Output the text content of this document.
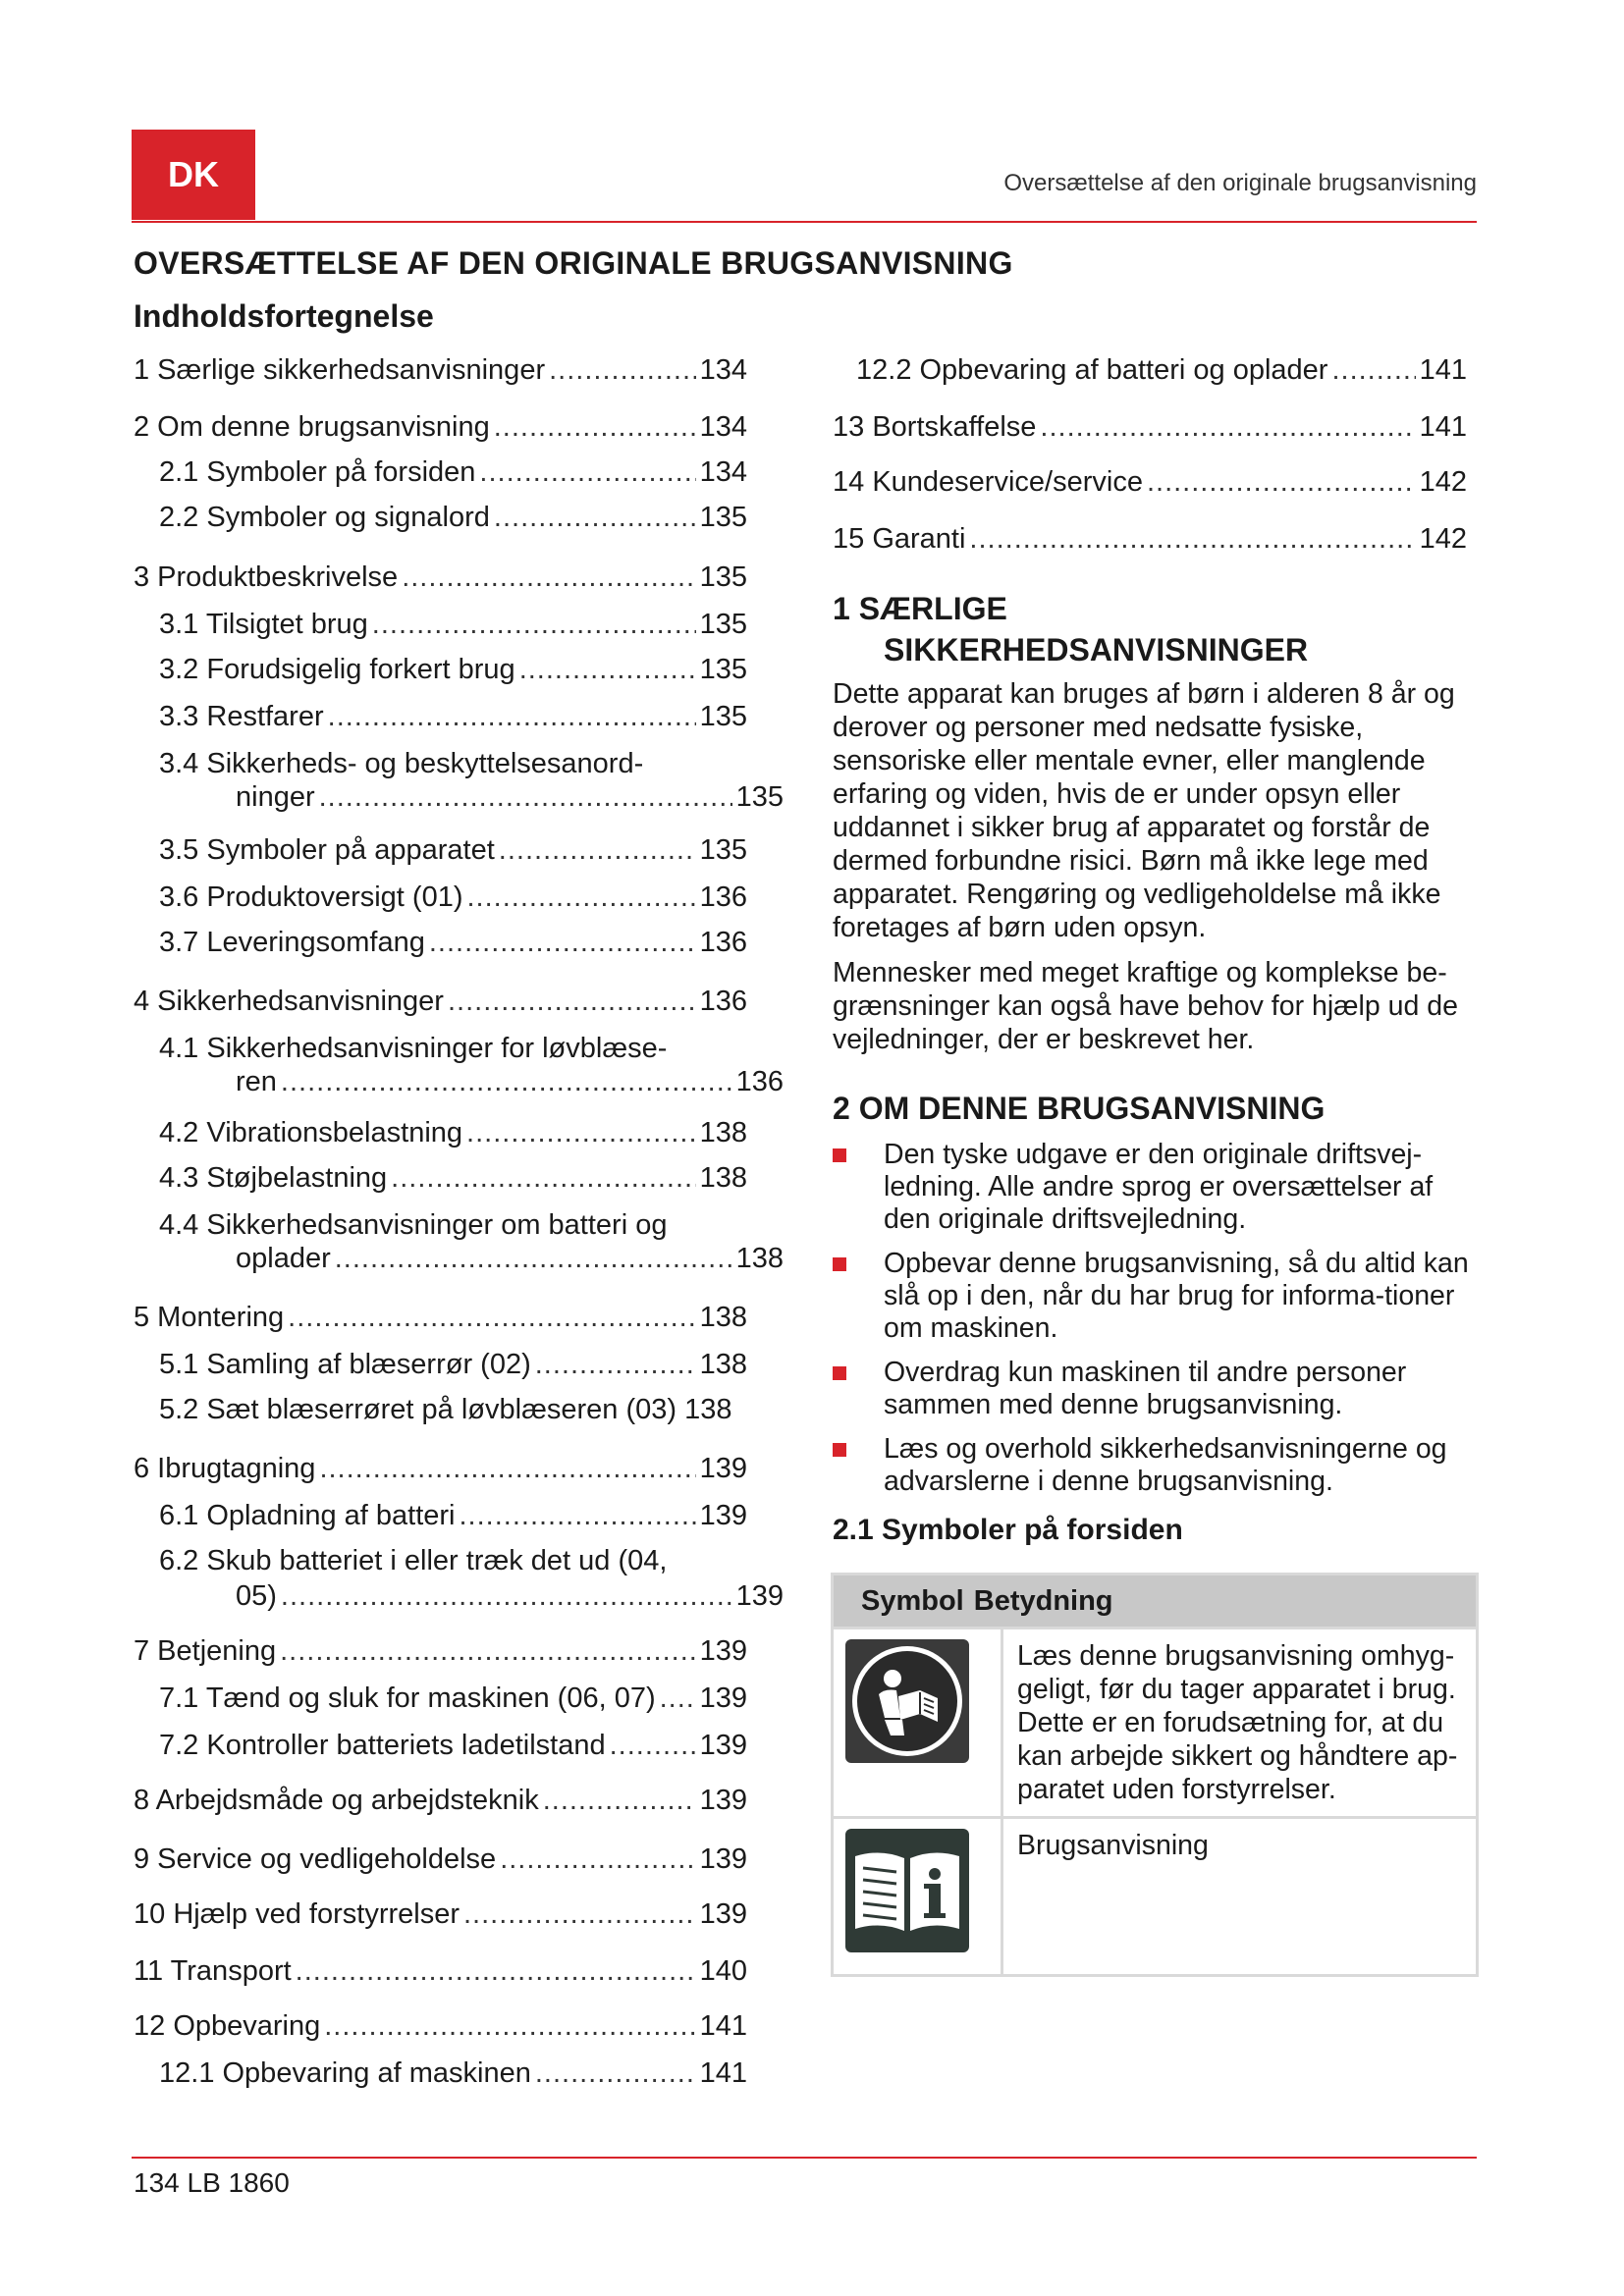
DK	Oversættelse af den originale brugsanvisning
OVERSÆTTELSE AF DEN ORIGINALE BRUGSANVISNING
Indholdsfortegnelse
1 Særlige sikkerhedsanvisninger .....	134
2 Om denne brugsanvisning .....	134
2.1 Symboler på forsiden .....	134
2.2 Symboler og signalord .....	135
3 Produktbeskrivelse .....	135
3.1 Tilsigtet brug .....	135
3.2 Forudsigelig forkert brug .....	135
3.3 Restfarer .....	135
3.4 Sikkerheds- og beskyttelsesanord-
ninger .....	135
3.5 Symboler på apparatet .....	135
3.6 Produktoversigt (01) .....	136
3.7 Leveringsomfang .....	136
4 Sikkerhedsanvisninger .....	136
4.1 Sikkerhedsanvisninger for løvblæse-
ren .....	136
4.2 Vibrationsbelastning .....	138
4.3 Støjbelastning .....	138
4.4 Sikkerhedsanvisninger om batteri og
oplader .....	138
5 Montering .....	138
5.1 Samling af blæserrør (02) .....	138
5.2 Sæt blæserrøret på løvblæseren (03) 138
6 Ibrugtagning .....	139
6.1 Opladning af batteri .....	139
6.2 Skub batteriet i eller træk det ud (04,
05) .....	139
7 Betjening .....	139
7.1 Tænd og sluk for maskinen (06, 07) ..... 139
7.2 Kontroller batteriets ladetilstand .....	139
8 Arbejdsmåde og arbejdsteknik .....	139
9 Service og vedligeholdelse .....	139
10 Hjælp ved forstyrrelser .....	139
11 Transport .....	140
12 Opbevaring .....	141
12.1 Opbevaring af maskinen .....	141
12.2 Opbevaring af batteri og oplader .....	141
13 Bortskaffelse .....	141
14 Kundeservice/service .....	142
15 Garanti .....	142
1 SÆRLIGE
SIKKERHEDSANVISNINGER
Dette apparat kan bruges af børn i alderen 8 år og derover og personer med nedsatte fysiske, sensoriske eller mentale evner, eller manglende erfaring og viden, hvis de er under opsyn eller uddannet i sikker brug af apparatet og forstår de dermed forbundne risici. Børn må ikke lege med apparatet. Rengøring og vedligeholdelse må ikke foretages af børn uden opsyn.
Mennesker med meget kraftige og komplekse be-grænsninger kan også have behov for hjælp ud de vejledninger, der er beskrevet her.
2 OM DENNE BRUGSANVISNING
Den tyske udgave er den originale driftsvej-ledning. Alle andre sprog er oversættelser af den originale driftsvejledning.
Opbevar denne brugsanvisning, så du altid kan slå op i den, når du har brug for informa-tioner om maskinen.
Overdrag kun maskinen til andre personer sammen med denne brugsanvisning.
Læs og overhold sikkerhedsanvisningerne og advarslerne i denne brugsanvisning.
2.1 Symboler på forsiden
Symbol Betydning	
	Læs denne brugsanvisning omhyg-geligt, før du tager apparatet i brug. Dette er en forudsætning for, at du kan arbejde sikkert og håndtere ap-paratet uden forstyrrelser.
	Brugsanvisning
134 LB 1860
